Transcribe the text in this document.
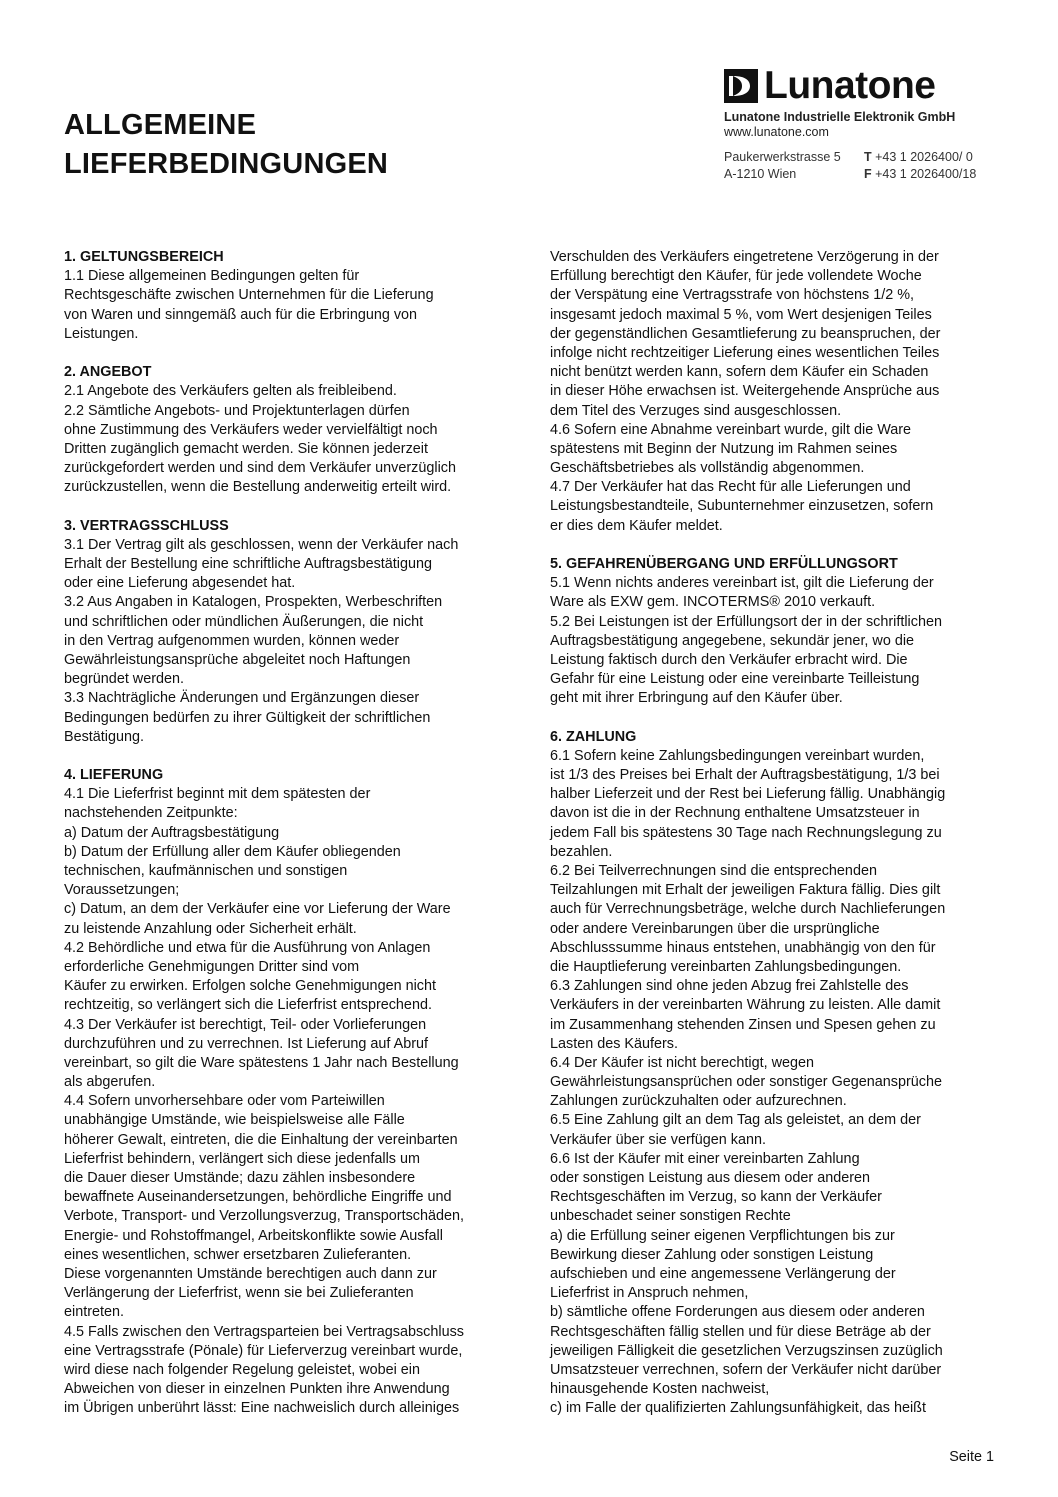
ALLGEMEINE
LIEFERBEDINGUNGEN
Lunatone
Lunatone Industrielle Elektronik GmbH
www.lunatone.com
Paukerwerkstrasse 5	T
+43 1 2026400/ 0
A-1210 Wien	F
+43 1 2026400/18
1. GELTUNGSBEREICH
1.1 Diese allgemeinen Bedingungen gelten für
Rechtsgeschäfte zwischen Unternehmen für die Lieferung
von Waren und sinngemäß auch für die Erbringung von
Leistungen.
2. ANGEBOT
2.1 Angebote des Verkäufers gelten als freibleibend.
2.2 Sämtliche Angebots- und Projektunterlagen dürfen
ohne Zustimmung des Verkäufers weder vervielfältigt noch
Dritten zugänglich gemacht werden. Sie können jederzeit
zurückgefordert werden und sind dem Verkäufer unverzüglich
zurückzustellen, wenn die Bestellung anderweitig erteilt wird.
3. VERTRAGSSCHLUSS
3.1 Der Vertrag gilt als geschlossen, wenn der Verkäufer nach
Erhalt der Bestellung eine schriftliche Auftragsbestätigung
oder eine Lieferung abgesendet hat.
3.2 Aus Angaben in Katalogen, Prospekten, Werbeschriften
und schriftlichen oder mündlichen Äußerungen, die nicht
in den Vertrag aufgenommen wurden, können weder
Gewährleistungsansprüche abgeleitet noch Haftungen
begründet werden.
3.3 Nachträgliche Änderungen und Ergänzungen dieser
Bedingungen bedürfen zu ihrer Gültigkeit der schriftlichen
Bestätigung.
4. LIEFERUNG
4.1 Die Lieferfrist beginnt mit dem spätesten der
nachstehenden Zeitpunkte:
a) Datum der Auftragsbestätigung
b) Datum der Erfüllung aller dem Käufer obliegenden
technischen, kaufmännischen und sonstigen
Voraussetzungen;
c) Datum, an dem der Verkäufer eine vor Lieferung der Ware
zu leistende Anzahlung oder Sicherheit erhält.
4.2 Behördliche und etwa für die Ausführung von Anlagen
erforderliche Genehmigungen Dritter sind vom
Käufer zu erwirken. Erfolgen solche Genehmigungen nicht
rechtzeitig, so verlängert sich die Lieferfrist entsprechend.
4.3 Der Verkäufer ist berechtigt, Teil- oder Vorlieferungen
durchzuführen und zu verrechnen. Ist Lieferung auf Abruf
vereinbart, so gilt die Ware spätestens 1 Jahr nach Bestellung
als abgerufen.
4.4 Sofern unvorhersehbare oder vom Parteiwillen
unabhängige Umstände, wie beispielsweise alle Fälle
höherer Gewalt, eintreten, die die Einhaltung der vereinbarten
Lieferfrist behindern, verlängert sich diese jedenfalls um
die Dauer dieser Umstände; dazu zählen insbesondere
bewaffnete Auseinandersetzungen, behördliche Eingriffe und
Verbote, Transport- und Verzollungsverzug, Transportschäden,
Energie- und Rohstoffmangel, Arbeitskonflikte sowie Ausfall
eines wesentlichen, schwer ersetzbaren Zulieferanten.
Diese vorgenannten Umstände berechtigen auch dann zur
Verlängerung der Lieferfrist, wenn sie bei Zulieferanten
eintreten.
4.5 Falls zwischen den Vertragsparteien bei Vertragsabschluss
eine Vertragsstrafe (Pönale) für Lieferverzug vereinbart wurde,
wird diese nach folgender Regelung geleistet, wobei ein
Abweichen von dieser in einzelnen Punkten ihre Anwendung
im Übrigen unberührt lässt: Eine nachweislich durch alleiniges
Verschulden des Verkäufers eingetretene Verzögerung in der
Erfüllung berechtigt den Käufer, für jede vollendete Woche
der Verspätung eine Vertragsstrafe von höchstens 1/2 %,
insgesamt jedoch maximal 5 %, vom Wert desjenigen Teiles
der gegenständlichen Gesamtlieferung zu beanspruchen, der
infolge nicht rechtzeitiger Lieferung eines wesentlichen Teiles
nicht benützt werden kann, sofern dem Käufer ein Schaden
in dieser Höhe erwachsen ist. Weitergehende Ansprüche aus
dem Titel des Verzuges sind ausgeschlossen.
4.6 Sofern eine Abnahme vereinbart wurde, gilt die Ware
spätestens mit Beginn der Nutzung im Rahmen seines
Geschäftsbetriebes als vollständig abgenommen.
4.7 Der Verkäufer hat das Recht für alle Lieferungen und
Leistungsbestandteile, Subunternehmer einzusetzen, sofern
er dies dem Käufer meldet.
5. GEFAHRENÜBERGANG UND ERFÜLLUNGSORT
5.1 Wenn nichts anderes vereinbart ist, gilt die Lieferung der
Ware als EXW gem. INCOTERMS® 2010 verkauft.
5.2 Bei Leistungen ist der Erfüllungsort der in der schriftlichen
Auftragsbestätigung angegebene, sekundär jener, wo die
Leistung faktisch durch den Verkäufer erbracht wird. Die
Gefahr für eine Leistung oder eine vereinbarte Teilleistung
geht mit ihrer Erbringung auf den Käufer über.
6. ZAHLUNG
6.1 Sofern keine Zahlungsbedingungen vereinbart wurden,
ist 1/3 des Preises bei Erhalt der Auftragsbestätigung, 1/3 bei
halber Lieferzeit und der Rest bei Lieferung fällig. Unabhängig
davon ist die in der Rechnung enthaltene Umsatzsteuer in
jedem Fall bis spätestens 30 Tage nach Rechnungslegung zu
bezahlen.
6.2 Bei Teilverrechnungen sind die entsprechenden
Teilzahlungen mit Erhalt der jeweiligen Faktura fällig. Dies gilt
auch für Verrechnungsbeträge, welche durch Nachlieferungen
oder andere Vereinbarungen über die ursprüngliche
Abschlusssumme hinaus entstehen, unabhängig von den für
die Hauptlieferung vereinbarten Zahlungsbedingungen.
6.3 Zahlungen sind ohne jeden Abzug frei Zahlstelle des
Verkäufers in der vereinbarten Währung zu leisten. Alle damit
im Zusammenhang stehenden Zinsen und Spesen gehen zu
Lasten des Käufers.
6.4 Der Käufer ist nicht berechtigt, wegen
Gewährleistungsansprüchen oder sonstiger Gegenansprüche
Zahlungen zurückzuhalten oder aufzurechnen.
6.5 Eine Zahlung gilt an dem Tag als geleistet, an dem der
Verkäufer über sie verfügen kann.
6.6 Ist der Käufer mit einer vereinbarten Zahlung
oder sonstigen Leistung aus diesem oder anderen
Rechtsgeschäften im Verzug, so kann der Verkäufer
unbeschadet seiner sonstigen Rechte
a) die Erfüllung seiner eigenen Verpflichtungen bis zur
Bewirkung dieser Zahlung oder sonstigen Leistung
aufschieben und eine angemessene Verlängerung der
Lieferfrist in Anspruch nehmen,
b) sämtliche offene Forderungen aus diesem oder anderen
Rechtsgeschäften fällig stellen und für diese Beträge ab der
jeweiligen Fälligkeit die gesetzlichen Verzugszinsen zuzüglich
Umsatzsteuer verrechnen, sofern der Verkäufer nicht darüber
hinausgehende Kosten nachweist,
c) im Falle der qualifizierten Zahlungsunfähigkeit, das heißt
Seite 1
